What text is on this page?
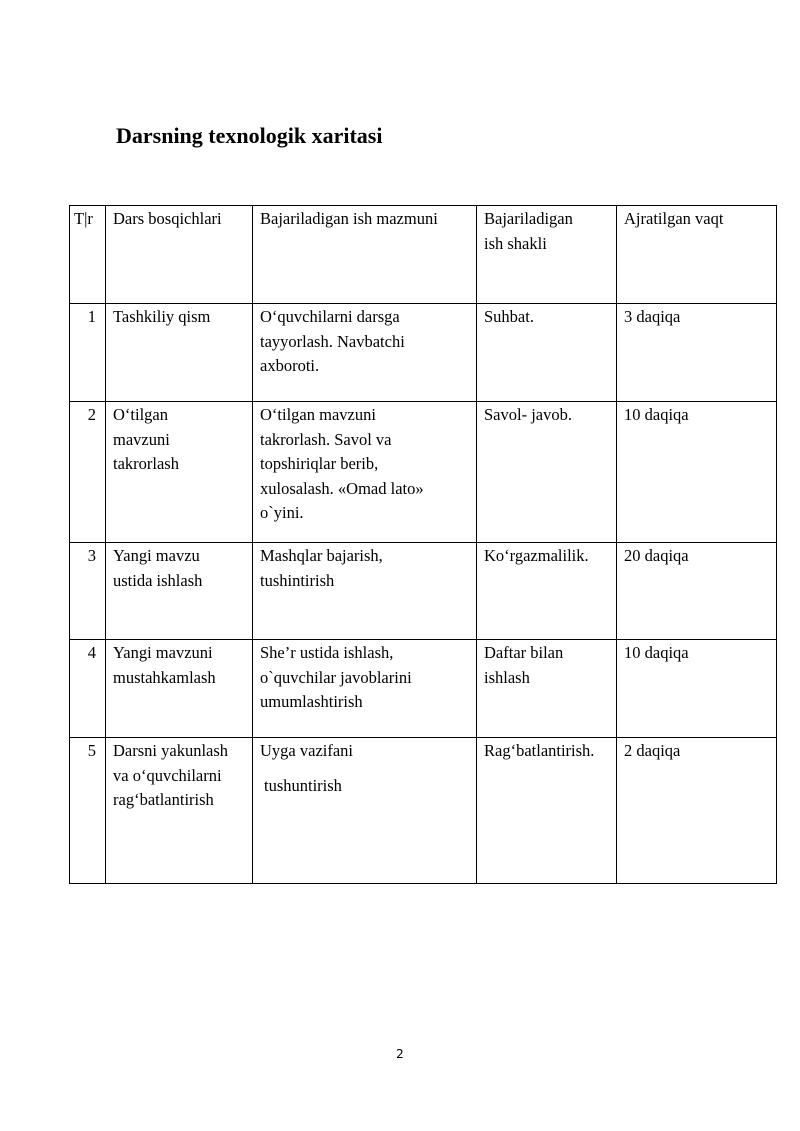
Darsning texnologik xaritasi
T|r	Dars bosqichlari	Bajariladigan ish mazmuni	Bajariladigan
ish shakli	Ajratilgan vaqt
1	Tashkiliy qism	O‘quvchilarni darsga
tayyorlash. Navbatchi
axboroti.	Suhbat.	3 daqiqa
2	O‘tilgan
mavzuni
takrorlash	O‘tilgan mavzuni
takrorlash. Savol va
topshiriqlar berib,
xulosalash. «Omad lato»
o`yini.	Savol- javob.	10 daqiqa
3	Yangi mavzu
ustida ishlash	Mashqlar bajarish,
tushintirish	Ko‘rgazmalilik.	20 daqiqa
4	Yangi mavzuni
mustahkamlash	She’r ustida ishlash,
o`quvchilar javoblarini
umumlashtirish	Daftar bilan
ishlash	10 daqiqa
5	Darsni yakunlash
va o‘quvchilarni
rag‘batlantirish	Uygа vazifani
tushuntirish	Rag‘batlantirish.	2 daqiqa
2
